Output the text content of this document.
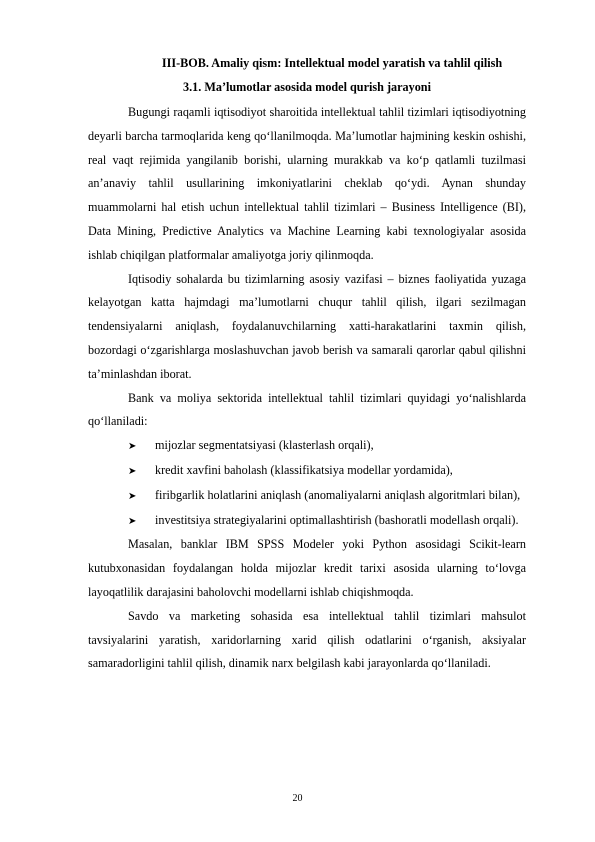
III-BOB. Amaliy qism: Intellektual model yaratish va tahlil qilish
3.1. Ma’lumotlar asosida model qurish jarayoni

Bugungi raqamli iqtisodiyot sharoitida intellektual tahlil tizimlari iqtisodiyotning deyarli barcha tarmoqlarida keng qo‘llanilmoqda. Ma’lumotlar hajmining keskin oshishi, real vaqt rejimida yangilanib borishi, ularning murakkab va ko‘p qatlamli tuzilmasi an’anaviy tahlil usullarining imkoniyatlarini cheklab qo‘ydi. Aynan shunday muammolarni hal etish uchun intellektual tahlil tizimlari – Business Intelligence (BI), Data Mining, Predictive Analytics va Machine Learning kabi texnologiyalar asosida ishlab chiqilgan platformalar amaliyotga joriy qilinmoqda.

Iqtisodiy sohalarda bu tizimlarning asosiy vazifasi – biznes faoliyatida yuzaga kelayotgan katta hajmdagi ma’lumotlarni chuqur tahlil qilish, ilgari sezilmagan tendensiyalarni aniqlash, foydalanuvchilarning xatti-harakatlarini taxmin qilish, bozordagi o‘zgarishlarga moslashuvchan javob berish va samarali qarorlar qabul qilishni ta’minlashdan iborat.

Bank va moliya sektorida intellektual tahlil tizimlari quyidagi yo‘nalishlarda qo‘llaniladi:

➤ mijozlar segmentatsiyasi (klasterlash orqali),

➤ kredit xavfini baholash (klassifikatsiya modellar yordamida),

➤ firibgarlik holatlarini aniqlash (anomaliyalarni aniqlash algoritmlari bilan),

➤ investitsiya strategiyalarini optimallashtirish (bashoratli modellash orqali).

Masalan, banklar IBM SPSS Modeler yoki Python asosidagi Scikit-learn kutubxonasidan foydalangan holda mijozlar kredit tarixi asosida ularning to‘lovga layoqatlilik darajasini baholovchi modellarni ishlab chiqishmoqda.

Savdo va marketing sohasida esa intellektual tahlil tizimlari mahsulot tavsiyalarini yaratish, xaridorlarning xarid qilish odatlarini o‘rganish, aksiyalar samaradorligini tahlil qilish, dinamik narx belgilash kabi jarayonlarda qo‘llaniladi.

20
